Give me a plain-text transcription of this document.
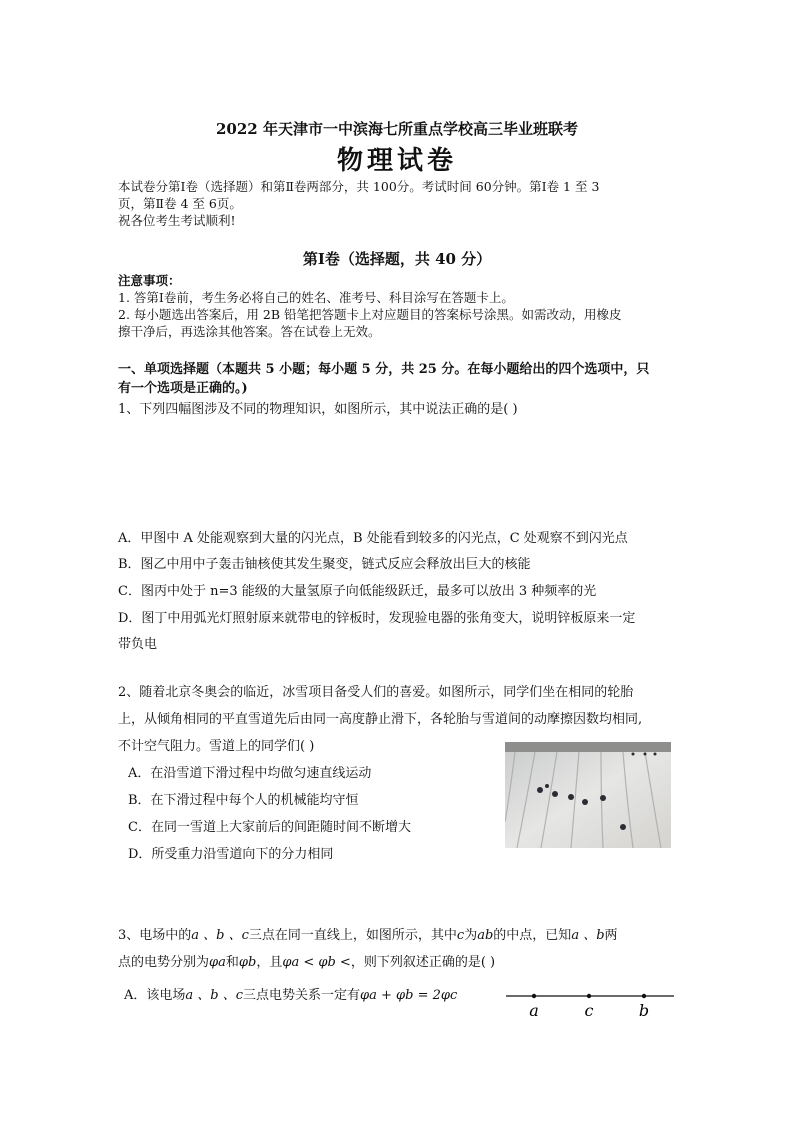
2022 年天津市一中滨海七所重点学校高三毕业班联考
物理试卷
本试卷分第Ⅰ卷（选择题）和第Ⅱ卷两部分，共 100分。考试时间 60分钟。第Ⅰ卷 1 至 3
页，第Ⅱ卷 4 至 6页。
祝各位考生考试顺利!
第Ⅰ卷（选择题，共 40 分）
注意事项：
1. 答第Ⅰ卷前，考生务必将自己的姓名、准考号、科目涂写在答题卡上。
2. 每小题选出答案后，用 2B 铅笔把答题卡上对应题目的答案标号涂黑。如需改动，用橡皮
擦干净后，再选涂其他答案。答在试卷上无效。
一、单项选择题（本题共 5 小题；每小题 5 分，共 25 分。在每小题给出的四个选项中，只
有一个选项是正确的。)
1、下列四幅图涉及不同的物理知识，如图所示，其中说法正确的是( )
A．甲图中 A 处能观察到大量的闪光点，B 处能看到较多的闪光点，C 处观察不到闪光点
B．图乙中用中子轰击铀核使其发生聚变，链式反应会释放出巨大的核能
C．图丙中处于 n=3 能级的大量氢原子向低能级跃迁，最多可以放出 3 种频率的光
D．图丁中用弧光灯照射原来就带电的锌板时，发现验电器的张角变大，说明锌板原来一定
带负电
2、随着北京冬奥会的临近，冰雪项目备受人们的喜爱。如图所示，同学们坐在相同的轮胎
上，从倾角相同的平直雪道先后由同一高度静止滑下，各轮胎与雪道间的动摩擦因数均相同,
不计空气阻力。雪道上的同学们( )
A．在沿雪道下滑过程中均做匀速直线运动
B．在下滑过程中每个人的机械能均守恒
C．在同一雪道上大家前后的间距随时间不断增大
D．所受重力沿雪道向下的分力相同
3、电场中的a 、b 、c三点在同一直线上，如图所示，其中c为ab的中点，已知a 、b两
点的电势分别为φa和φb，且φa < φb <，则下列叙述正确的是( )
A．该电场a 、b 、c三点电势关系一定有φa + φb = 2φc
a	c	b
